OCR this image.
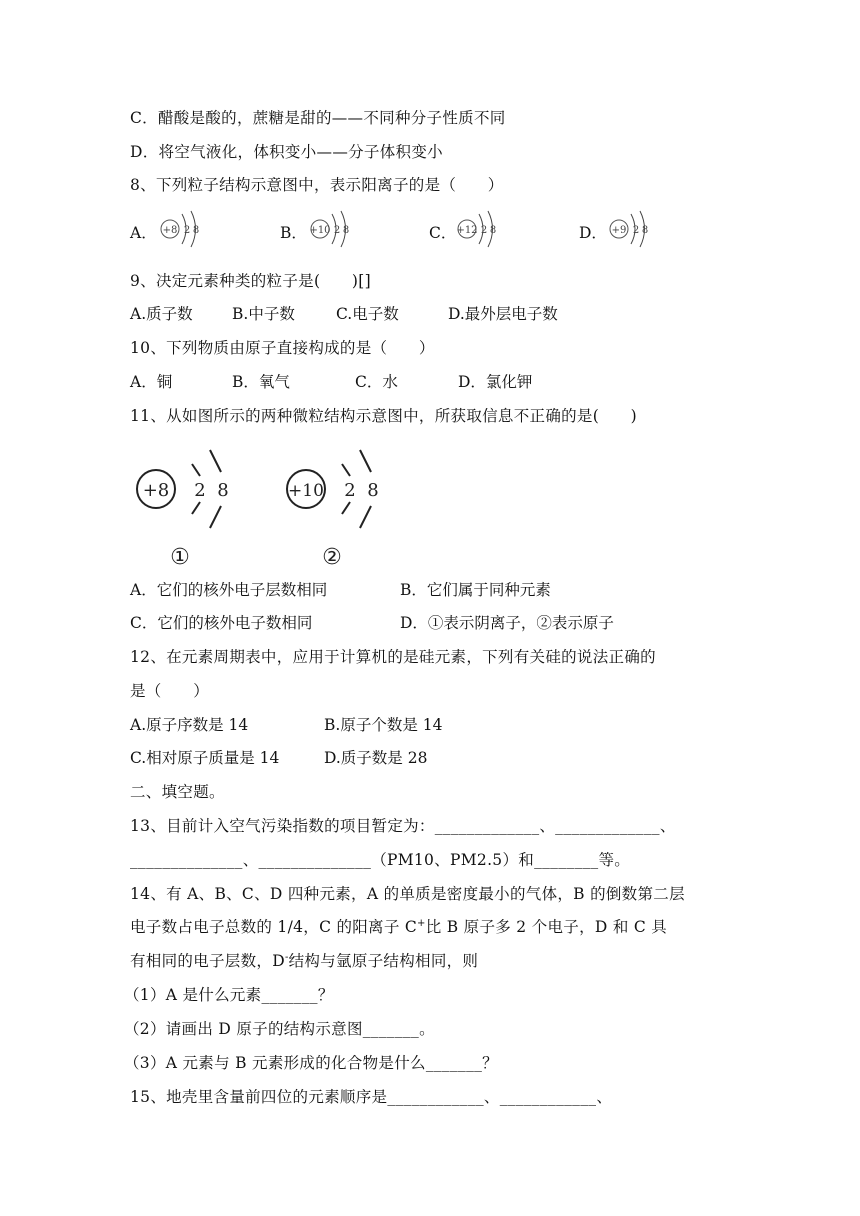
C．醋酸是酸的，蔗糖是甜的——不同种分子性质不同
D．将空气液化，体积变小——分子体积变小
8、下列粒子结构示意图中，表示阳离子的是（　　）
A． +8 2 8	B． +10 2 8	C． +12 2 8	D． +9 2 8
9、决定元素种类的粒子是(　　)[]
A.质子数	B.中子数	C.电子数	D.最外层电子数
10、下列物质由原子直接构成的是（　　）
A．铜	B．氧气	C．水	D．氯化钾
11、从如图所示的两种微粒结构示意图中，所获取信息不正确的是(　　)
+8 2 8
①
+10 2 8
②
A．它们的核外电子层数相同	B．它们属于同种元素
C．它们的核外电子数相同	D．①表示阴离子，②表示原子
12、在元素周期表中，应用于计算机的是硅元素，下列有关硅的说法正确的
是（　　）
A.原子序数是 14	B.原子个数是 14
C.相对原子质量是 14	D.质子数是 28
二、填空题。
13、目前计入空气污染指数的项目暂定为：_____________、_____________、
______________、______________（PM10、PM2.5）和________等。
14、有 A、B、C、D 四种元素，A 的单质是密度最小的气体，B 的倒数第二层
电子数占电子总数的 1/4，C 的阳离子 C+比 B 原子多 2 个电子，D 和 C 具
有相同的电子层数，D-结构与氩原子结构相同，则
（1）A 是什么元素_______？
（2）请画出 D 原子的结构示意图_______。
（3）A 元素与 B 元素形成的化合物是什么_______？
15、地壳里含量前四位的元素顺序是____________、____________、
